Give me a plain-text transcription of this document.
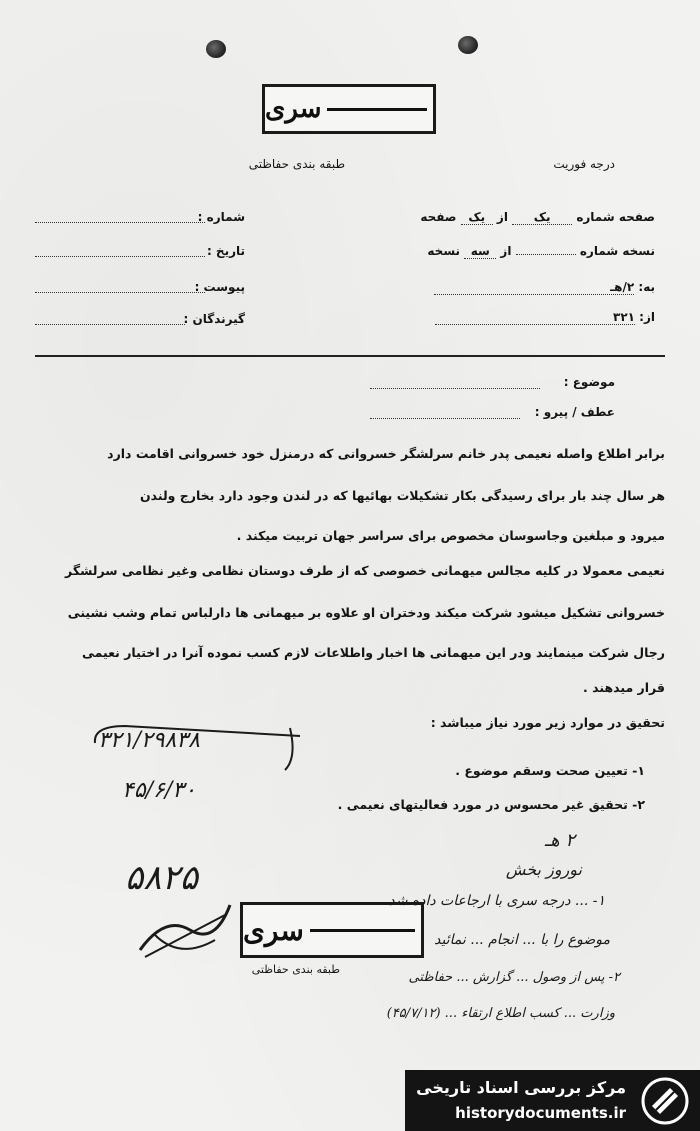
سری
درجه فوریت
طبقه بندی حفاظتی
صفحه شماره یک از یک صفحه
نسخه شماره  از سه نسخه
به: ۲/هـ
از: ۳۲۱
شماره :
تاریخ :
پیوست :
گیرندگان :
موضوع :
عطف / پیرو :
برابر اطلاع واصله نعیمی پدر خانم سرلشگر خسروانی که درمنزل خود خسروانی اقامت دارد
هر سال چند بار برای رسیدگی بکار تشکیلات بهائیها که در لندن وجود دارد بخارج ولندن
میرود و مبلغین وجاسوسان مخصوص برای سراسر جهان تربیت میکند .
نعیمی معمولا در کلیه مجالس میهمانی خصوصی که از طرف دوستان نظامی وغیر نظامی سرلشگر
خسروانی تشکیل میشود شرکت میکند ودختران او علاوه بر میهمانی ها دارلباس تمام وشب نشینی
رجال شرکت مینمایند ودر این میهمانی ها اخبار واطلاعات لازم کسب نموده آنرا در اختیار نعیمی
قرار میدهند .
تحقیق در موارد زیر مورد نیاز میباشد :
۱- تعیین صحت وسقم موضوع .
۲- تحقیق غیر محسوس در مورد فعالیتهای نعیمی .
۳۲۱/۲۹۸۳۸
۴۵/۶/۳۰
۵۸۲۵
سری
طبقه بندی حفاظتی
۲ هـ
نوروز بخش
۱- ... درجه سری با ارجاعات داده شد
موضوع را با ... انجام ... نمائید
۲- پس از وصول ... گزارش ... حفاظتی
وزارت ... کسب اطلاع ارتقاء ... (۴۵/۷/۱۲)
مرکز بررسی اسناد تاریخی
historydocuments.ir
